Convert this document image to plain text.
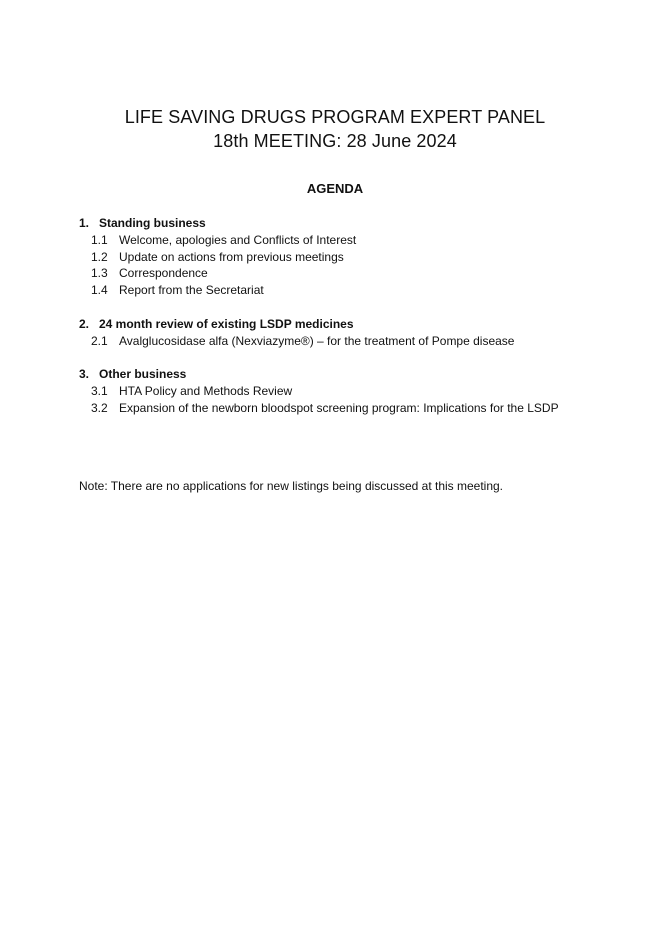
LIFE SAVING DRUGS PROGRAM EXPERT PANEL
18th MEETING: 28 June 2024
AGENDA
1. Standing business
1.1 Welcome, apologies and Conflicts of Interest
1.2 Update on actions from previous meetings
1.3 Correspondence
1.4 Report from the Secretariat
2. 24 month review of existing LSDP medicines
2.1 Avalglucosidase alfa (Nexviazyme®) – for the treatment of Pompe disease
3. Other business
3.1 HTA Policy and Methods Review
3.2 Expansion of the newborn bloodspot screening program: Implications for the LSDP
Note: There are no applications for new listings being discussed at this meeting.
